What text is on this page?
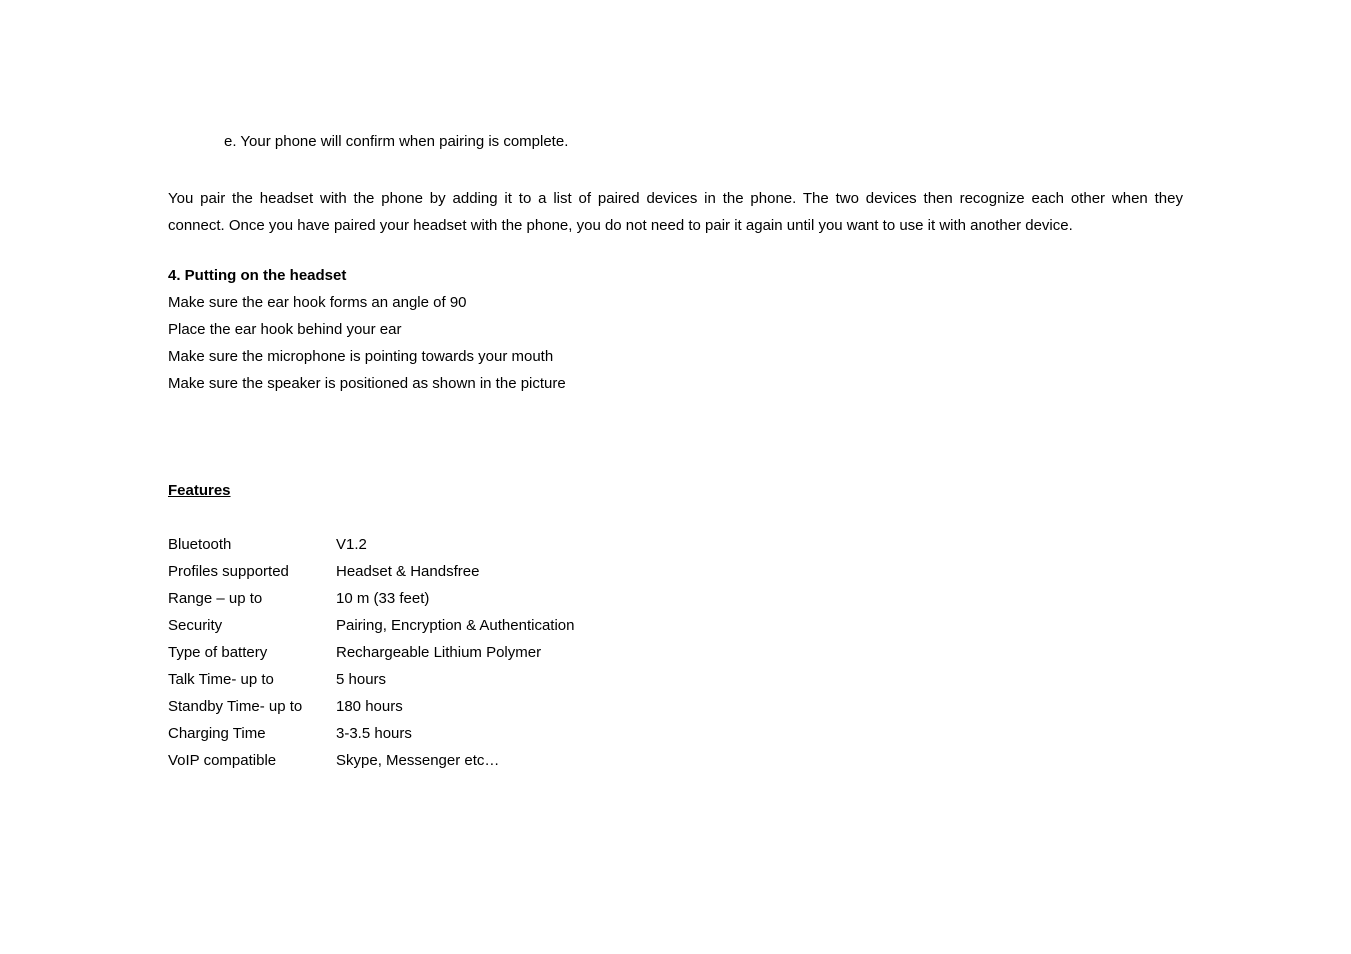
e. Your phone will confirm when pairing is complete.
You pair the headset with the phone by adding it to a list of paired devices in the phone. The two devices then recognize each other when they
connect. Once you have paired your headset with the phone, you do not need to pair it again until you want to use it with another device.
4. Putting on the headset
Make sure the ear hook forms an angle of 90
Place the ear hook behind your ear
Make sure the microphone is pointing towards your mouth
Make sure the speaker is positioned as shown in the picture
Features
Bluetooth	V1.2
Profiles supported	Headset & Handsfree
Range – up to	10 m (33 feet)
Security	Pairing, Encryption & Authentication
Type of battery	Rechargeable Lithium Polymer
Talk Time- up to	5 hours
Standby Time- up to	180 hours
Charging Time	3-3.5 hours
VoIP compatible	Skype, Messenger etc…
